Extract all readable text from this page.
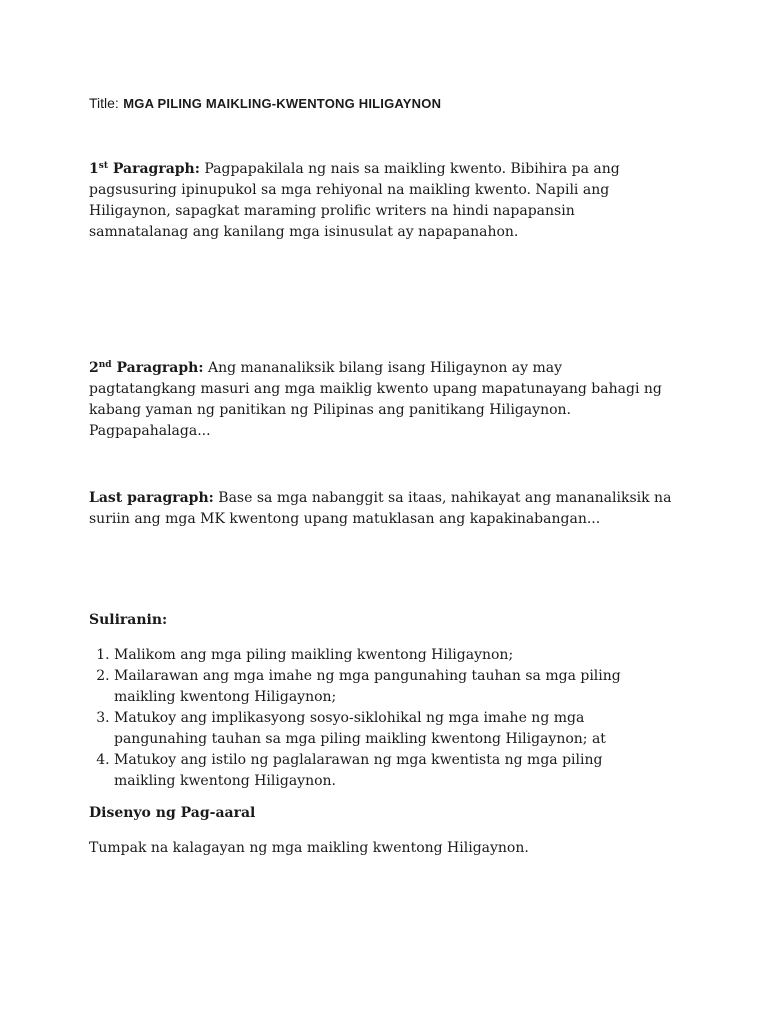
Title: MGA PILING MAIKLING-KWENTONG HILIGAYNON

1st Paragraph: Pagpapakilala ng nais sa maikling kwento. Bibihira pa ang pagsusuring ipinupukol sa mga rehiyonal na maikling kwento. Napili ang Hiligaynon, sapagkat maraming prolific writers na hindi napapansin samnatalanag ang kanilang mga isinusulat ay napapanahon.

2nd Paragraph: Ang mananaliksik bilang isang Hiligaynon ay may pagtatangkang masuri ang mga maiklig kwento upang mapatunayang bahagi ng kabang yaman ng panitikan ng Pilipinas ang panitikang Hiligaynon. Pagpapahalaga...

Last paragraph: Base sa mga nabanggit sa itaas, nahikayat ang mananaliksik na suriin ang mga MK kwentong upang matuklasan ang kapakinabangan...

Suliranin:

1. Malikom ang mga piling maikling kwentong Hiligaynon;
2. Mailarawan ang mga imahe ng mga pangunahing tauhan sa mga piling maikling kwentong Hiligaynon;
3. Matukoy ang implikasyong sosyo-siklohikal ng mga imahe ng mga pangunahing tauhan sa mga piling maikling kwentong Hiligaynon; at
4. Matukoy ang istilo ng paglalarawan ng mga kwentista ng mga piling maikling kwentong Hiligaynon.

Disenyo ng Pag-aaral

Tumpak na kalagayan ng mga maikling kwentong Hiligaynon.
